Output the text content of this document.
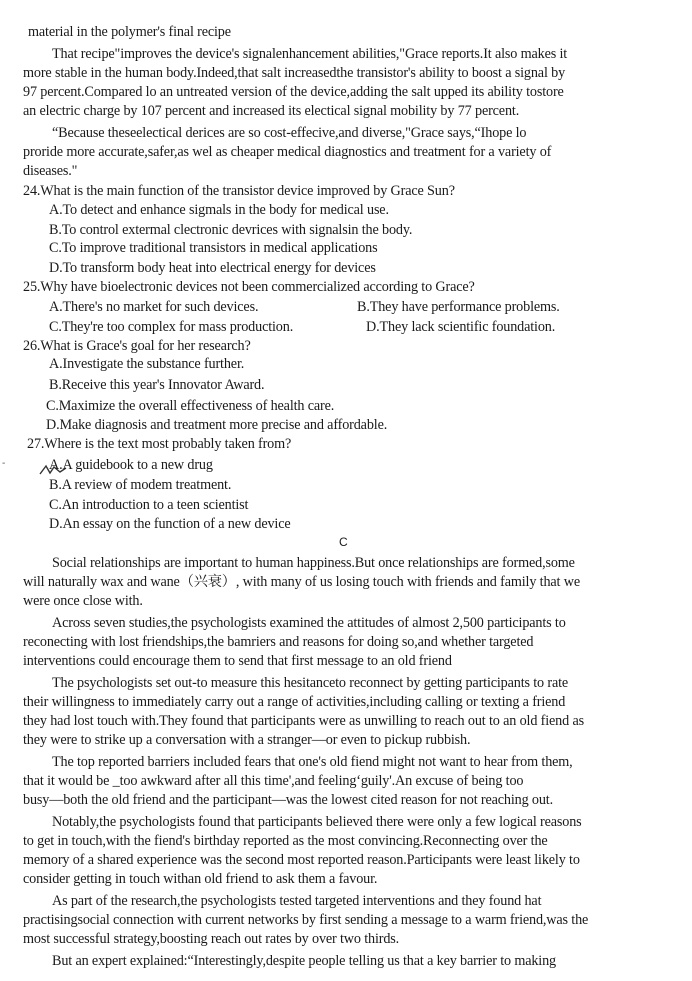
material in the polymer's final recipe
That recipe"improves the device's signalenhancement abilities,"Grace reports.It also makes it
more stable in the human body.Indeed,that salt increasedthe transistor's ability to boost a signal by
97 percent.Compared lo an untreated version of the device,adding the salt upped its ability tostore
an electric charge by 107 percent and increased its electical signal mobility by 77 percent.
“Because theseelectical derices are so cost-effecive,and diverse,"Grace says,“Ihope lo
proride more accurate,safer,as wel as cheaper medical diagnostics and treatment for a variety of
diseases."
24.What is the main function of the transistor device improved by Grace Sun?
A.To detect and enhance sigmals in the body for medical use.
B.To control extermal clectronic devrices with signalsin the body.
C.To improve traditional transistors in medical applications
D.To transform body heat into electrical energy for devices
25.Why have bioelectronic devices not been commercialized according to Grace?
A.There's no market for such devices.	B.They have performance problems.
C.They're too complex for mass production.	D.They lack scientific foundation.
26.What is Grace's goal for her research?
A.Investigate the substance further.
B.Receive this year's Innovator Award.
C.Maximize the overall effectiveness of health care.
D.Make diagnosis and treatment more precise and affordable.
27.Where is the text most probably taken from?
-	A.A guidebook to a new drug
B.A review of modem treatment.
C.An introduction to a teen scientist
D.An essay on the function of a new device
C
Social relationships are important to human happiness.But once relationships are formed,some
will naturally wax and wane（兴衰）, with many of us losing touch with friends and family that we
were once close with.
Across seven studies,the psychologists examined the attitudes of almost 2,500 participants to
reconecting with lost friendships,the bamriers and reasons for doing so,and whether targeted
interventions could encourage them to send that first message to an old friend
The psychologists set out-to measure this hesitanceto reconnect by getting participants to rate
their willingness to immediately carry out a range of activities,including calling or texting a friend
they had lost touch with.They found that participants were as unwilling to reach out to an old fiend as
they were to strike up a conversation with a stranger—or even to pickup rubbish.
The top reported barriers included fears that one's old fiend might not want to hear from them,
that it would be _too awkward after all this time',and feeling‘guily'.An excuse of being too
busy—both the old friend and the participant—was the lowest cited reason for not reaching out.
Notably,the psychologists found that participants believed there were only a few logical reasons
to get in touch,with the fiend's birthday reported as the most convincing.Reconnecting over the
memory of a shared experience was the second most reported reason.Participants were least likely to
consider getting in touch withan old friend to ask them a favour.
As part of the research,the psychologists tested targeted interventions and they found hat
practisingsocial connection with current networks by first sending a message to a warm friend,was the
most successful strategy,boosting reach out rates by over two thirds.
But an expert explained:“Interestingly,despite people telling us that a key barrier to making
